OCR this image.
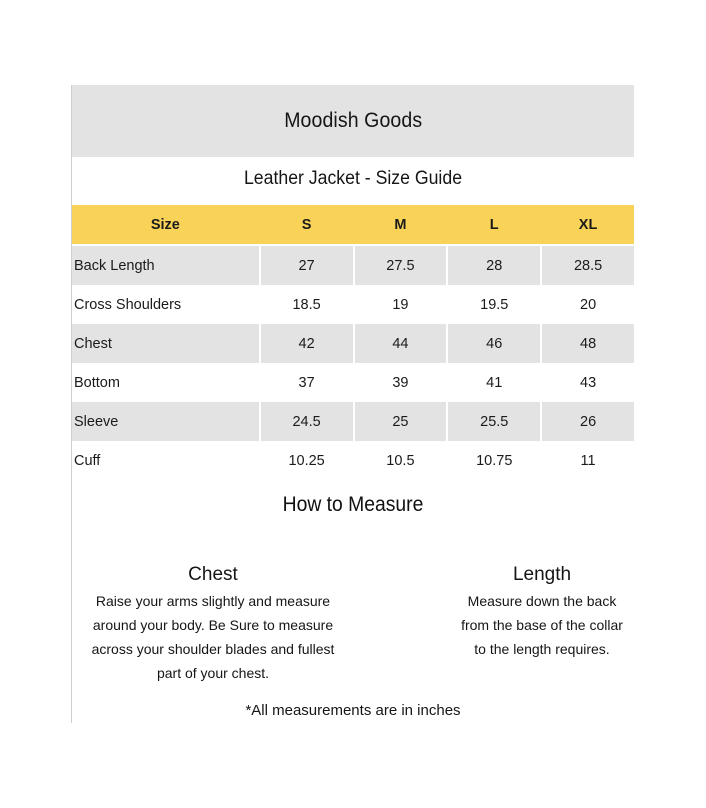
Moodish Goods
Leather Jacket - Size Guide
Size	S	M	L	XL
Back Length	27	27.5	28	28.5
Cross Shoulders	18.5	19	19.5	20
Chest	42	44	46	48
Bottom	37	39	41	43
Sleeve	24.5	25	25.5	26
Cuff	10.25	10.5	10.75	11
How to Measure
Chest
Raise your arms slightly and measure
around your body. Be Sure to measure
across your shoulder blades and fullest
part of your chest.
Length
Measure down the back
from the base of the collar
to the length requires.
*All measurements are in inches
